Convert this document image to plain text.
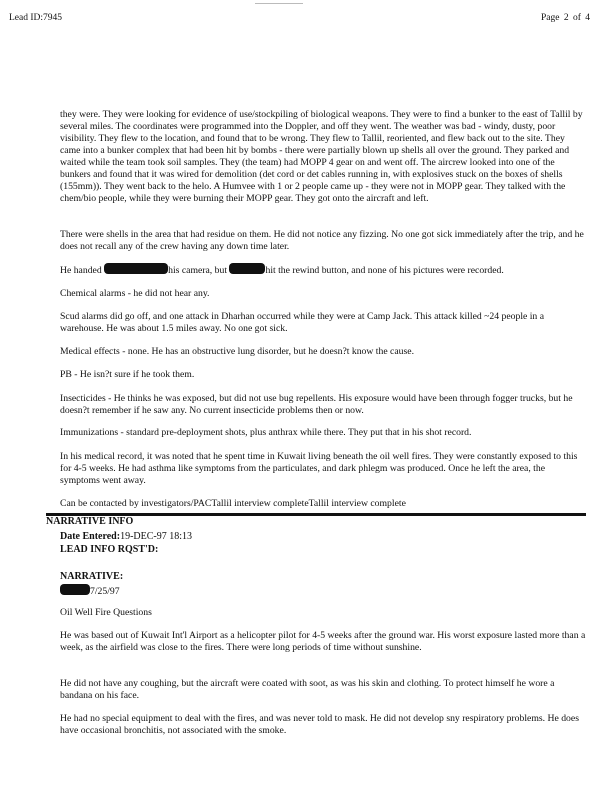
Lead ID:7945	Page 2 of 4

they were. They were looking for evidence of use/stockpiling of biological weapons. They were to find a bunker to the east of Tallil by several miles. The coordinates were programmed into the Doppler, and off they went. The weather was bad - windy, dusty, poor visibility. They flew to the location, and found that to be wrong. They flew to Tallil, reoriented, and flew back out to the site. They came into a bunker complex that had been hit by bombs - there were partially blown up shells all over the ground. They parked and waited while the team took soil samples. They (the team) had MOPP 4 gear on and went off. The aircrew looked into one of the bunkers and found that it was wired for demolition (det cord or det cables running in, with explosives stuck on the boxes of shells (155mm)). They went back to the helo. A Humvee with 1 or 2 people came up - they were not in MOPP gear. They talked with the chem/bio people, while they were burning their MOPP gear. They got onto the aircraft and left.

There were shells in the area that had residue on them. He did not notice any fizzing. No one got sick immediately after the trip, and he does not recall any of the crew having any down time later.

He handed	his camera, but	hit the rewind button, and none of his pictures were recorded.

Chemical alarms - he did not hear any.

Scud alarms did go off, and one attack in Dharhan occurred while they were at Camp Jack. This attack killed ~24 people in a warehouse. He was about 1.5 miles away. No one got sick.

Medical effects - none. He has an obstructive lung disorder, but he doesn?t know the cause.

PB - He isn?t sure if he took them.

Insecticides - He thinks he was exposed, but did not use bug repellents. His exposure would have been through fogger trucks, but he doesn?t remember if he saw any. No current insecticide problems then or now.

Immunizations - standard pre-deployment shots, plus anthrax while there. They put that in his shot record.

In his medical record, it was noted that he spent time in Kuwait living beneath the oil well fires. They were constantly exposed to this for 4-5 weeks. He had asthma like symptoms from the particulates, and dark phlegm was produced. Once he left the area, the symptoms went away.

Can be contacted by investigators/PACTallil interview completeTallil interview complete

NARRATIVE INFO
Date Entered:19-DEC-97 18:13
LEAD INFO RQST'D:
NARRATIVE:

7/25/97

Oil Well Fire Questions

He was based out of Kuwait Int'l Airport as a helicopter pilot for 4-5 weeks after the ground war. His worst exposure lasted more than a week, as the airfield was close to the fires. There were long periods of time without sunshine.

He did not have any coughing, but the aircraft were coated with soot, as was his skin and clothing. To protect himself he wore a bandana on his face.

He had no special equipment to deal with the fires, and was never told to mask. He did not develop sny respiratory problems. He does have occasional bronchitis, not associated with the smoke.
